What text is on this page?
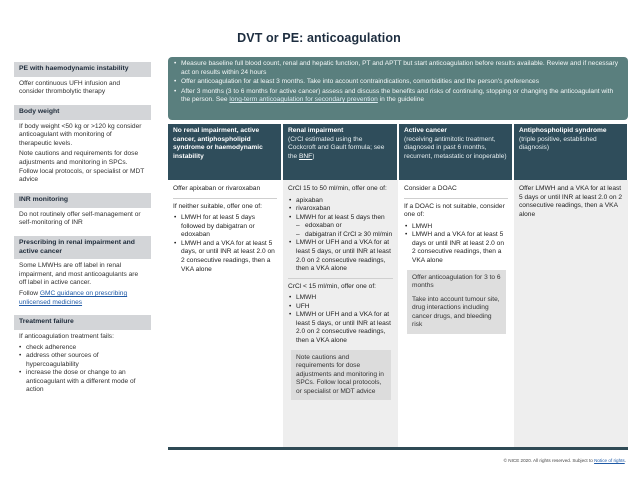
DVT or PE: anticoagulation
PE with haemodynamic instability

Offer continuous UFH infusion and consider thrombolytic therapy

Body weight

If body weight <50 kg or >120 kg consider anticoagulant with monitoring of therapeutic levels.

Note cautions and requirements for dose adjustments and monitoring in SPCs. Follow local protocols, or specialist or MDT advice

INR monitoring

Do not routinely offer self-management or self-monitoring of INR

Prescribing in renal impairment and active cancer

Some LMWHs are off label in renal impairment, and most anticoagulants are off label in active cancer.

Follow GMC guidance on prescribing unlicensed medicines

Treatment failure

If anticoagulation treatment fails:

• check adherence
• address other sources of hypercoagulability
• increase the dose or change to an anticoagulant with a different mode of action
• Measure baseline full blood count, renal and hepatic function, PT and APTT but start anticoagulation before results available. Review and if necessary act on results within 24 hours
• Offer anticoagulation for at least 3 months. Take into account contraindications, comorbidities and the person's preferences
• After 3 months (3 to 6 months for active cancer) assess and discuss the benefits and risks of continuing, stopping or changing the anticoagulant with the person. See long-term anticoagulation for secondary prevention in the guideline
No renal impairment, active cancer, antiphospholipid syndrome or haemodynamic instability

Offer apixaban or rivaroxaban

If neither suitable, offer one of:

• LMWH for at least 5 days followed by dabigatran or edoxaban
• LMWH and a VKA for at least 5 days, or until INR at least 2.0 on 2 consecutive readings, then a VKA alone
Renal impairment
(CrCl estimated using the Cockcroft and Gault formula; see the BNF)

CrCl 15 to 50 ml/min, offer one of:

• apixaban
• rivaroxaban
• LMWH for at least 5 days then
– edoxaban or
– dabigatran if CrCl ≥ 30 ml/min
• LMWH or UFH and a VKA for at least 5 days, or until INR at least 2.0 on 2 consecutive readings, then a VKA alone

CrCl < 15 ml/min, offer one of:

• LMWH
• UFH
• LMWH or UFH and a VKA for at least 5 days, or until INR at least 2.0 on 2 consecutive readings, then a VKA alone

Note cautions and requirements for dose adjustments and monitoring in SPCs. Follow local protocols, or specialist or MDT advice

Active cancer
(receiving antimitotic treatment, diagnosed in past 6 months, recurrent, metastatic or inoperable)

Consider a DOAC

If a DOAC is not suitable, consider one of:

• LMWH
• LMWH and a VKA for at least 5 days or until INR at least 2.0 on 2 consecutive readings, then a VKA alone

Offer anticoagulation for 3 to 6 months

Take into account tumour site, drug interactions including cancer drugs, and bleeding risk

Antiphospholipid syndrome
(triple positive, established diagnosis)

Offer LMWH and a VKA for at least 5 days or until INR at least 2.0 on 2 consecutive readings, then a VKA alone

© NICE 2020. All rights reserved. Subject to Notice of rights.
